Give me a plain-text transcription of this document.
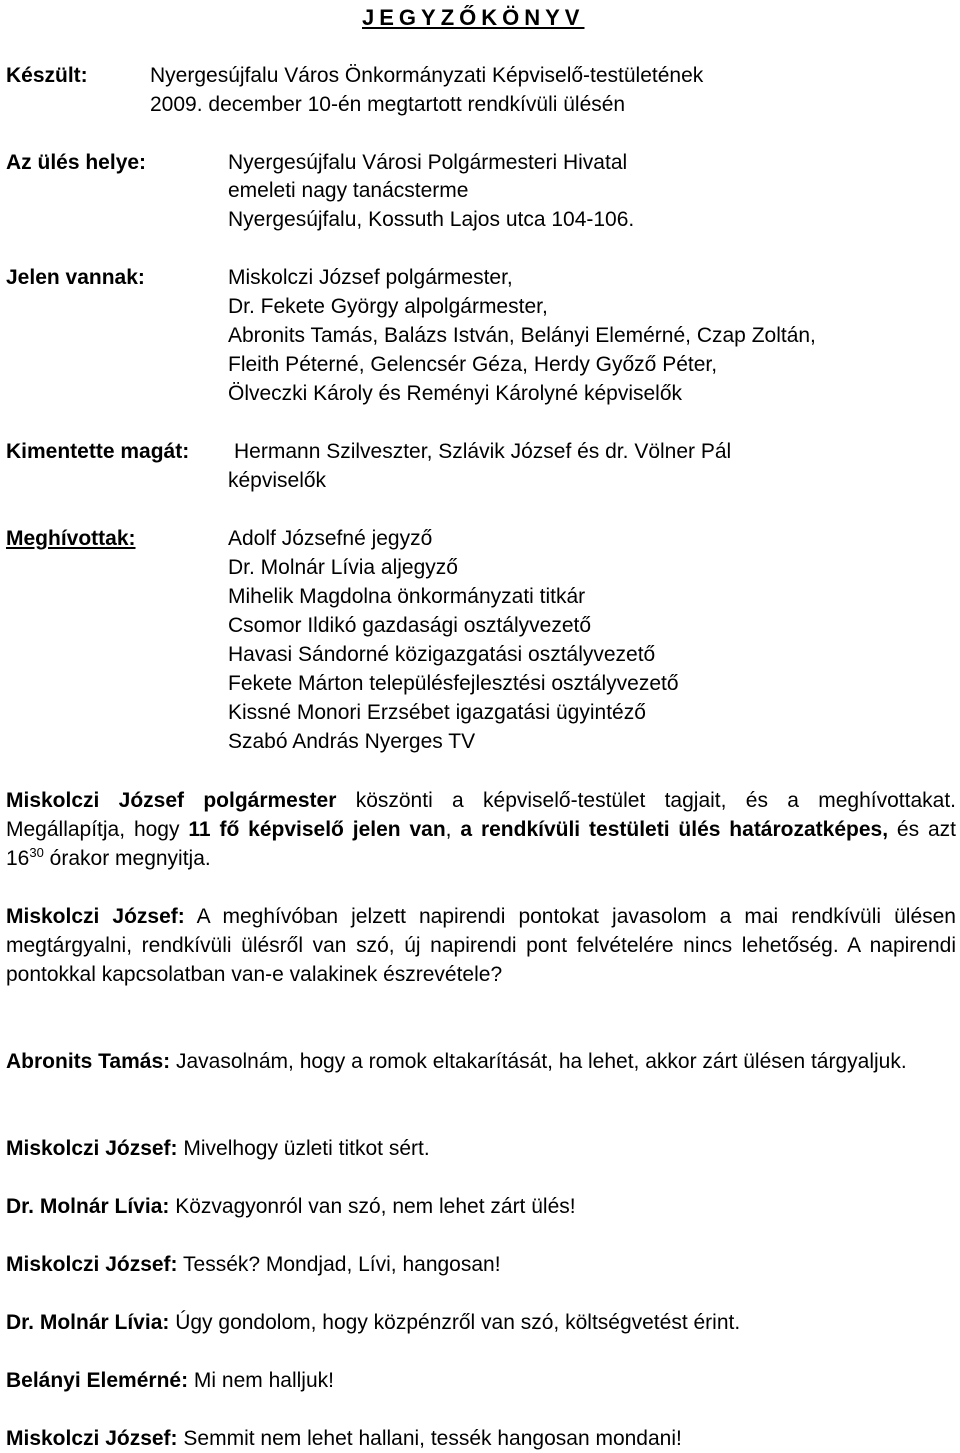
JEGYZŐKÖNYV
Készült:	Nyergesújfalu Város Önkormányzati Képviselő-testületének
2009. december 10-én megtartott rendkívüli ülésén
Az ülés helye:	Nyergesújfalu Városi Polgármesteri Hivatal
emeleti nagy tanácsterme
Nyergesújfalu, Kossuth Lajos utca 104-106.
Jelen vannak:	Miskolczi József polgármester,
Dr. Fekete György alpolgármester,
Abronits Tamás, Balázs István, Belányi Elemérné, Czap Zoltán,
Fleith Péterné, Gelencsér Géza, Herdy Győző Péter,
Ölveczki Károly és Reményi Károlyné képviselők
Kimentette magát: Hermann Szilveszter, Szlávik József és dr. Völner Pál
képviselők
Meghívottak:	Adolf Józsefné jegyző
Dr. Molnár Lívia aljegyző
Mihelik Magdolna önkormányzati titkár
Csomor Ildikó gazdasági osztályvezető
Havasi Sándorné közigazgatási osztályvezető
Fekete Márton településfejlesztési osztályvezető
Kissné Monori Erzsébet igazgatási ügyintéző
Szabó András Nyerges TV
Miskolczi József polgármester köszönti a képviselő-testület tagjait, és a meghívottakat. Megállapítja, hogy 11 fő képviselő jelen van, a rendkívüli testületi ülés határozatképes, és azt $16^{30}$ órakor megnyitja.
Miskolczi József: A meghívóban jelzett napirendi pontokat javasolom a mai rendkívüli ülésen megtárgyalni, rendkívüli ülésről van szó, új napirendi pont felvételére nincs lehetőség. A napirendi pontokkal kapcsolatban van-e valakinek észrevétele?
Abronits Tamás: Javasolnám, hogy a romok eltakarítását, ha lehet, akkor zárt ülésen tárgyaljuk.
Miskolczi József: Mivelhogy üzleti titkot sért.
Dr. Molnár Lívia: Közvagyonról van szó, nem lehet zárt ülés!
Miskolczi József: Tessék? Mondjad, Lívi, hangosan!
Dr. Molnár Lívia: Úgy gondolom, hogy közpénzről van szó, költségvetést érint.
Belányi Elemérné: Mi nem halljuk!
Miskolczi József: Semmit nem lehet hallani, tessék hangosan mondani!
